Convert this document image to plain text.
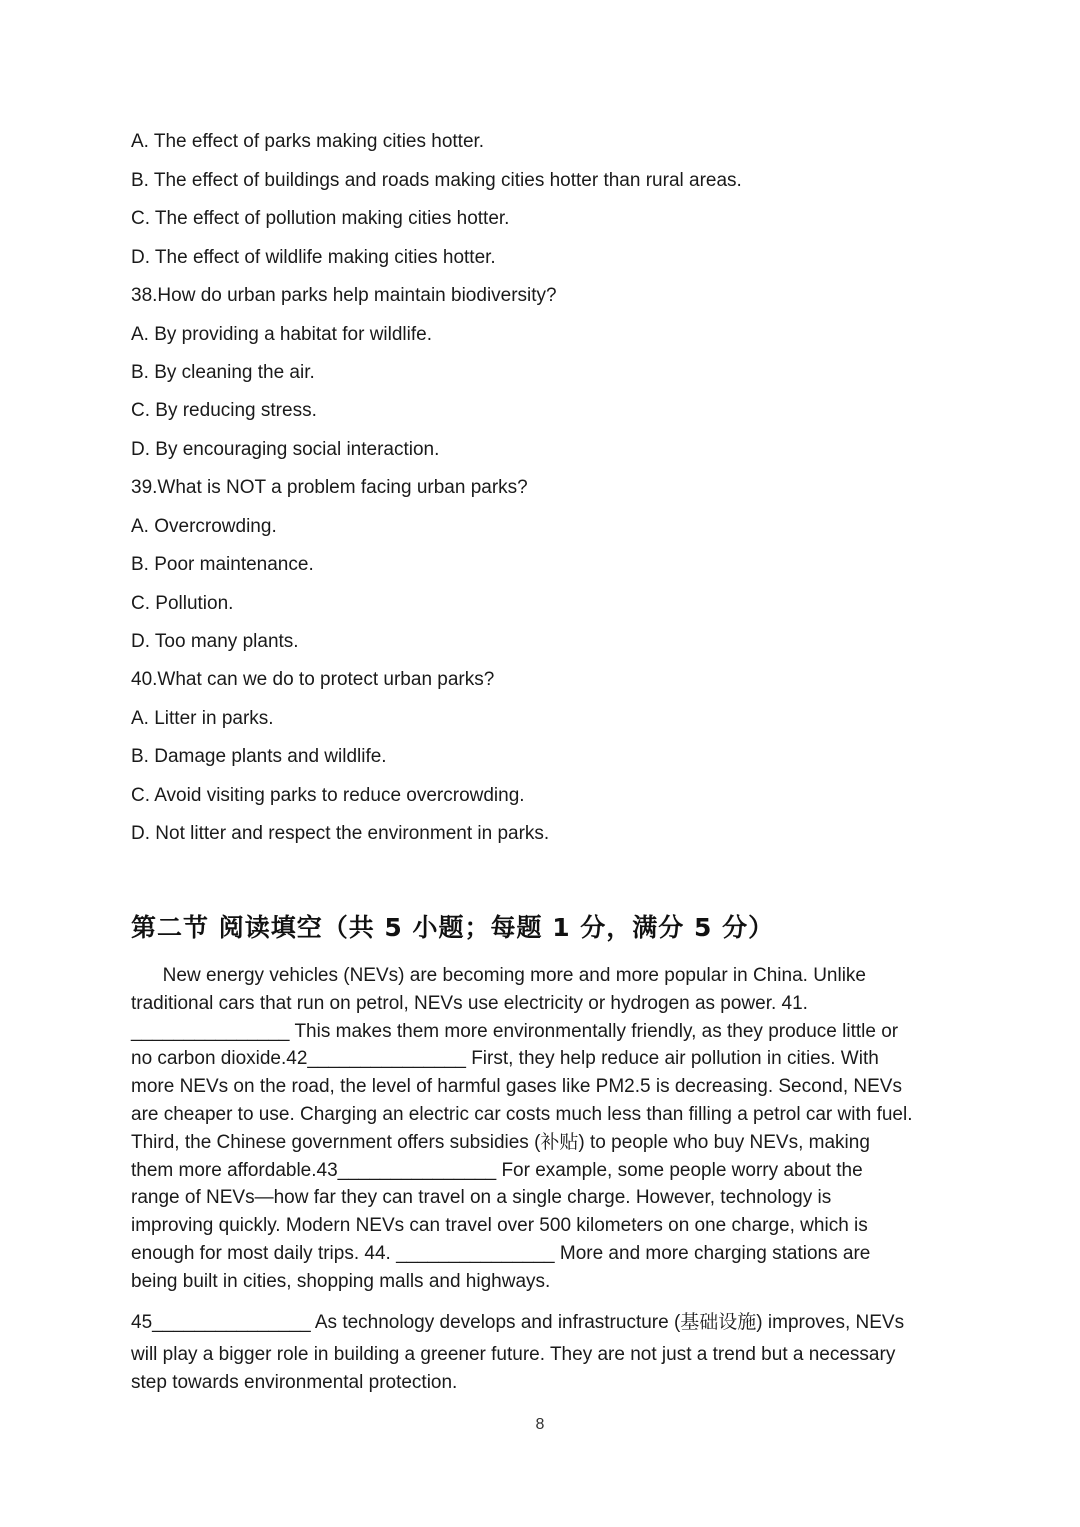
A. The effect of parks making cities hotter.
B. The effect of buildings and roads making cities hotter than rural areas.
C. The effect of pollution making cities hotter.
D. The effect of wildlife making cities hotter.
38.How do urban parks help maintain biodiversity?
A. By providing a habitat for wildlife.
B. By cleaning the air.
C. By reducing stress.
D. By encouraging social interaction.
39.What is NOT a problem facing urban parks?
A. Overcrowding.
B. Poor maintenance.
C. Pollution.
D. Too many plants.
40.What can we do to protect urban parks?
A. Litter in parks.
B. Damage plants and wildlife.
C. Avoid visiting parks to reduce overcrowding.
D. Not litter and respect the environment in parks.
第二节 阅读填空（共 5 小题；每题 1 分，满分 5 分）

New energy vehicles (NEVs) are becoming more and more popular in China. Unlike

traditional cars that run on petrol, NEVs use electricity or hydrogen as power. 41.

_______________ This makes them more environmentally friendly, as they produce little or

no carbon dioxide.42_______________ First, they help reduce air pollution in cities. With

more NEVs on the road, the level of harmful gases like PM2.5 is decreasing. Second, NEVs

are cheaper to use. Charging an electric car costs much less than filling a petrol car with fuel.

Third, the Chinese government offers subsidies (补贴) to people who buy NEVs, making

them more affordable.43_______________ For example, some people worry about the

range of NEVs—how far they can travel on a single charge. However, technology is

improving quickly. Modern NEVs can travel over 500 kilometers on one charge, which is

enough for most daily trips. 44. _______________ More and more charging stations are

being built in cities, shopping malls and highways.

45_______________ As technology develops and infrastructure (基础设施) improves, NEVs

will play a bigger role in building a greener future. They are not just a trend but a necessary

step towards environmental protection.

8
